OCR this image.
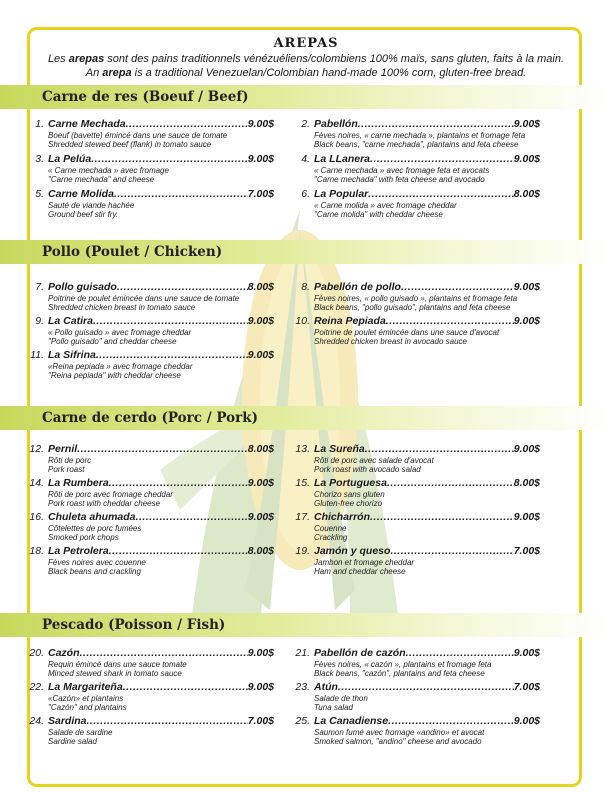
AREPAS
Les arepas sont des pains traditionnels vénézuéliens/colombiens 100% maïs, sans gluten, faits à la main.
An arepa is a traditional Venezuelan/Colombian hand-made 100% corn, gluten-free bread.
Carne de res (Boeuf / Beef)
1. Carne Mechada .....	9.00$
Boeuf (bavette) émincé dans une sauce de tomate
Shredded stewed beef (flank) in tomato sauce
2. Pabellón .....	9.00$
Fèves noires, « carne mechada », plantains et fromage feta
Black beans, "carne mechada", plantains and feta cheese
3. La Pelúa .....	9.00$
« Carne mechada » avec fromage
"Carne mechada" and cheese
4. La LLanera .....	9.00$
« Carne mechada » avec fromage feta et avocats
"Carne mechada" with feta cheese and avocado
5. Carne Molida .....	7.00$
Sauté de viande hachée
Ground beef stir fry.
6. La Popular .....	8.00$
« Carne molida » avec fromage cheddar
"Carne molida" with cheddar cheese
Pollo (Poulet / Chicken)
7. Pollo guisado .....	8.00$
Poitrine de poulet émincée dans une sauce de tomate
Shredded chicken breast in tomato sauce
8. Pabellón de pollo .....	9.00$
Fèves noires, « pollo guisado », plantains et fromage feta
Black beans, "pollo guisado", plantains and feta cheese
9. La Catira .....	9.00$
« Pollo guisado » avec fromage cheddar
"Pollo guisado" and cheddar cheese
10. Reina Pepiada .....	9.00$
Poitrine de poulet émincée dans une sauce d'avocat
Shredded chicken breast in avocado sauce
11. La Sifrina .....	9.00$
«Reina pepiada » avec fromage cheddar
"Reina pepiada" with cheddar cheese
Carne de cerdo (Porc / Pork)
12. Pernil .....	8.00$
Rôti de porc
Pork roast
13. La Sureña .....	9.00$
Rôti de porc avec salade d'avocat
Pork roast with avocado salad
14. La Rumbera .....	9.00$
Rôti de porc avec fromage cheddar
Pork roast with cheddar cheese
15. La Portuguesa .....	8.00$
Chorizo sans gluten
Gluten-free chorizo
16. Chuleta ahumada .....	9.00$
Côtelettes de porc fumées
Smoked pork chops
17. Chicharrón .....	9.00$
Couenne
Crackling
18. La Petrolera .....	8.00$
Fèves noires avec couenne
Black beans and crackling
19. Jamón y queso .....	7.00$
Jambon et fromage cheddar
Ham and cheddar cheese
Pescado (Poisson / Fish)
20. Cazón .....	9.00$
Requin émincé dans une sauce tomate
Minced stewed shark in tomato sauce
21. Pabellón de cazón .....	9.00$
Fèves noires, « cazón », plantains et fromage feta
Black beans, "cazón", plantains and feta cheese
22. La Margariteña .....	9.00$
«Cazón» et plantains
"Cazón" and plantains
23. Atún .....	7.00$
Salade de thon
Tuna salad
24. Sardina .....	7.00$
Salade de sardine
Sardine salad
25. La Canadiense .....	9.00$
Saumon fumé avec fromage «andino» et avocat
Smoked salmon, "andino" cheese and avocado
